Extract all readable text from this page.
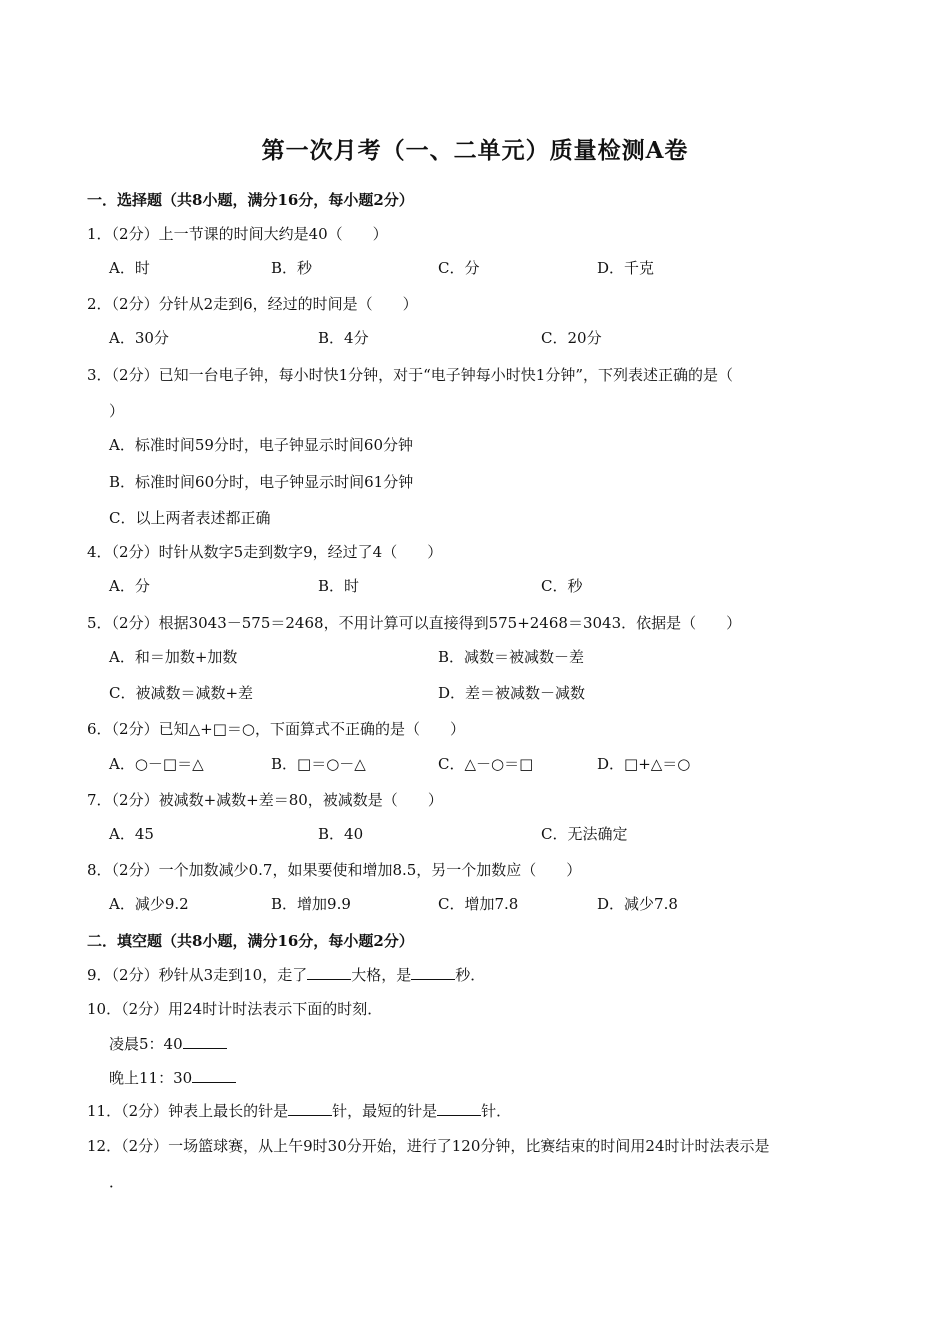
第一次月考（一、二单元）质量检测A卷
一．选择题（共8小题，满分16分，每小题2分）
1．（2分）上一节课的时间大约是40（　　）
A．时	B．秒	C．分	D．千克
2．（2分）分针从2走到6，经过的时间是（　　）
A．30分	B．4分	C．20分
3．（2分）已知一台电子钟，每小时快1分钟，对于“电子钟每小时快1分钟”，下列表述正确的是（
）
A．标准时间59分时，电子钟显示时间60分钟
B．标准时间60分时，电子钟显示时间61分钟
C．以上两者表述都正确
4．（2分）时针从数字5走到数字9，经过了4（　　）
A．分	B．时	C．秒
5．（2分）根据3043－575＝2468，不用计算可以直接得到575+2468＝3043．依据是（　　）
A．和＝加数+加数	B．减数＝被减数－差
C．被减数＝减数+差	D．差＝被减数－减数
6．（2分）已知△+□＝○，下面算式不正确的是（　　）
A．○－□＝△	B．□＝○－△	C．△－○＝□	D．□+△＝○
7．（2分）被减数+减数+差＝80，被减数是（　　）
A．45	B．40	C．无法确定
8．（2分）一个加数减少0.7，如果要使和增加8.5，另一个加数应（　　）
A．减少9.2	B．增加9.9	C．增加7.8	D．减少7.8
二．填空题（共8小题，满分16分，每小题2分）
9．（2分）秒针从3走到10，走了	大格，是	秒．
10．（2分）用24时计时法表示下面的时刻．
凌晨5：40
晚上11：30
11．（2分）钟表上最长的针是	针，最短的针是	针．
12．（2分）一场篮球赛，从上午9时30分开始，进行了120分钟，比赛结束的时间用24时计时法表示是
．
